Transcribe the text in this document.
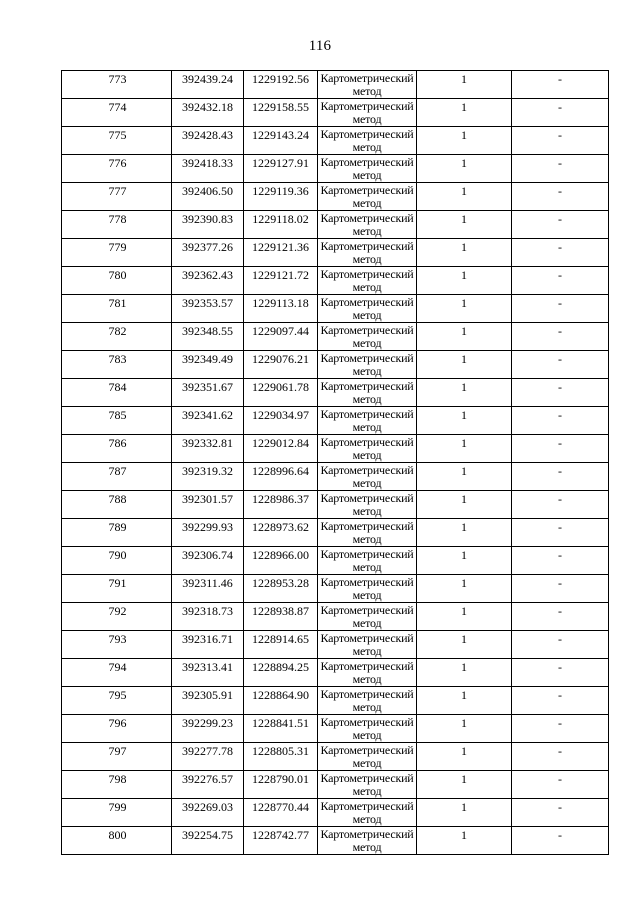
116
773	392439.24	1229192.56	Картометрический метод	1	-

774	392432.18	1229158.55	Картометрический метод	1	-

775	392428.43	1229143.24	Картометрический метод	1	-

776	392418.33	1229127.91	Картометрический метод	1	-

777	392406.50	1229119.36	Картометрический метод	1	-

778	392390.83	1229118.02	Картометрический метод	1	-

779	392377.26	1229121.36	Картометрический метод	1	-

780	392362.43	1229121.72	Картометрический метод	1	-

781	392353.57	1229113.18	Картометрический метод	1	-

782	392348.55	1229097.44	Картометрический метод	1	-

783	392349.49	1229076.21	Картометрический метод	1	-

784	392351.67	1229061.78	Картометрический метод	1	-

785	392341.62	1229034.97	Картометрический метод	1	-

786	392332.81	1229012.84	Картометрический метод	1	-

787	392319.32	1228996.64	Картометрический метод	1	-

788	392301.57	1228986.37	Картометрический метод	1	-

789	392299.93	1228973.62	Картометрический метод	1	-

790	392306.74	1228966.00	Картометрический метод	1	-

791	392311.46	1228953.28	Картометрический метод	1	-

792	392318.73	1228938.87	Картометрический метод	1	-

793	392316.71	1228914.65	Картометрический метод	1	-

794	392313.41	1228894.25	Картометрический метод	1	-

795	392305.91	1228864.90	Картометрический метод	1	-

796	392299.23	1228841.51	Картометрический метод	1	-

797	392277.78	1228805.31	Картометрический метод	1	-

798	392276.57	1228790.01	Картометрический метод	1	-

799	392269.03	1228770.44	Картометрический метод	1	-

800	392254.75	1228742.77	Картометрический метод	1	-
